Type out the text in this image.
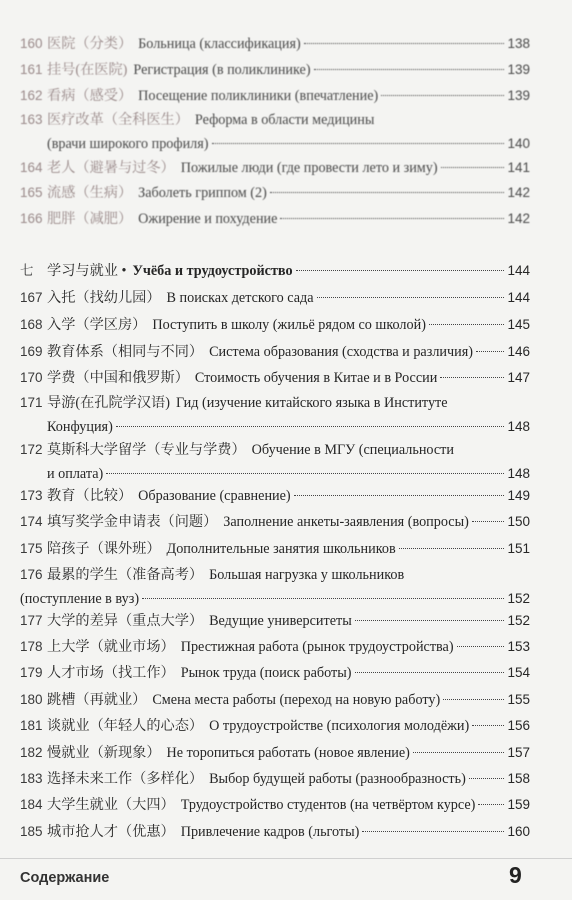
160 医院（分类） Больница (классификация)	138
161 挂号(在医院) Регистрация (в поликлинике)	139
162 看病（感受） Посещение поликлиники (впечатление)	139
163 医疗改革（全科医生） Реформа в области медицины
(врачи широкого профиля)	140
164 老人（避暑与过冬） Пожилые люди (где провести лето и зиму)	141
165 流感（生病） Заболеть гриппом (2)	142
166 肥胖（减肥） Ожирение и похудение	142
七 学习与就业 • Учёба и трудоустройство	144
167 入托（找幼儿园） В поисках детского сада	144
168 入学（学区房） Поступить в школу (жильё рядом со школой)	145
169 教育体系（相同与不同） Система образования (сходства и различия)	146
170 学费（中国和俄罗斯） Стоимость обучения в Китае и в России	147
171 导游(在孔院学汉语) Гид (изучение китайского языка в Институте
Конфуция)	148
172 莫斯科大学留学（专业与学费） Обучение в МГУ (специальности
и оплата)	148
173 教育（比较） Образование (сравнение)	149
174 填写奖学金申请表（问题） Заполнение анкеты-заявления (вопросы)	150
175 陪孩子（课外班） Дополнительные занятия школьников	151
176 最累的学生（准备高考） Большая нагрузка у школьников
(поступление в вуз)	152
177 大学的差异（重点大学） Ведущие университеты	152
178 上大学（就业市场） Престижная работа (рынок трудоустройства)	153
179 人才市场（找工作） Рынок труда (поиск работы)	154
180 跳槽（再就业） Смена места работы (переход на новую работу)	155
181 谈就业（年轻人的心态） О трудоустройстве (психология молодёжи)	156
182 慢就业（新现象） Не торопиться работать (новое явление)	157
183 选择未来工作（多样化） Выбор будущей работы (разнообразность)	158
184 大学生就业（大四） Трудоустройство студентов (на четвёртом курсе) 159
185 城市抢人才（优惠） Привлечение кадров (льготы)	160
Содержание	9
